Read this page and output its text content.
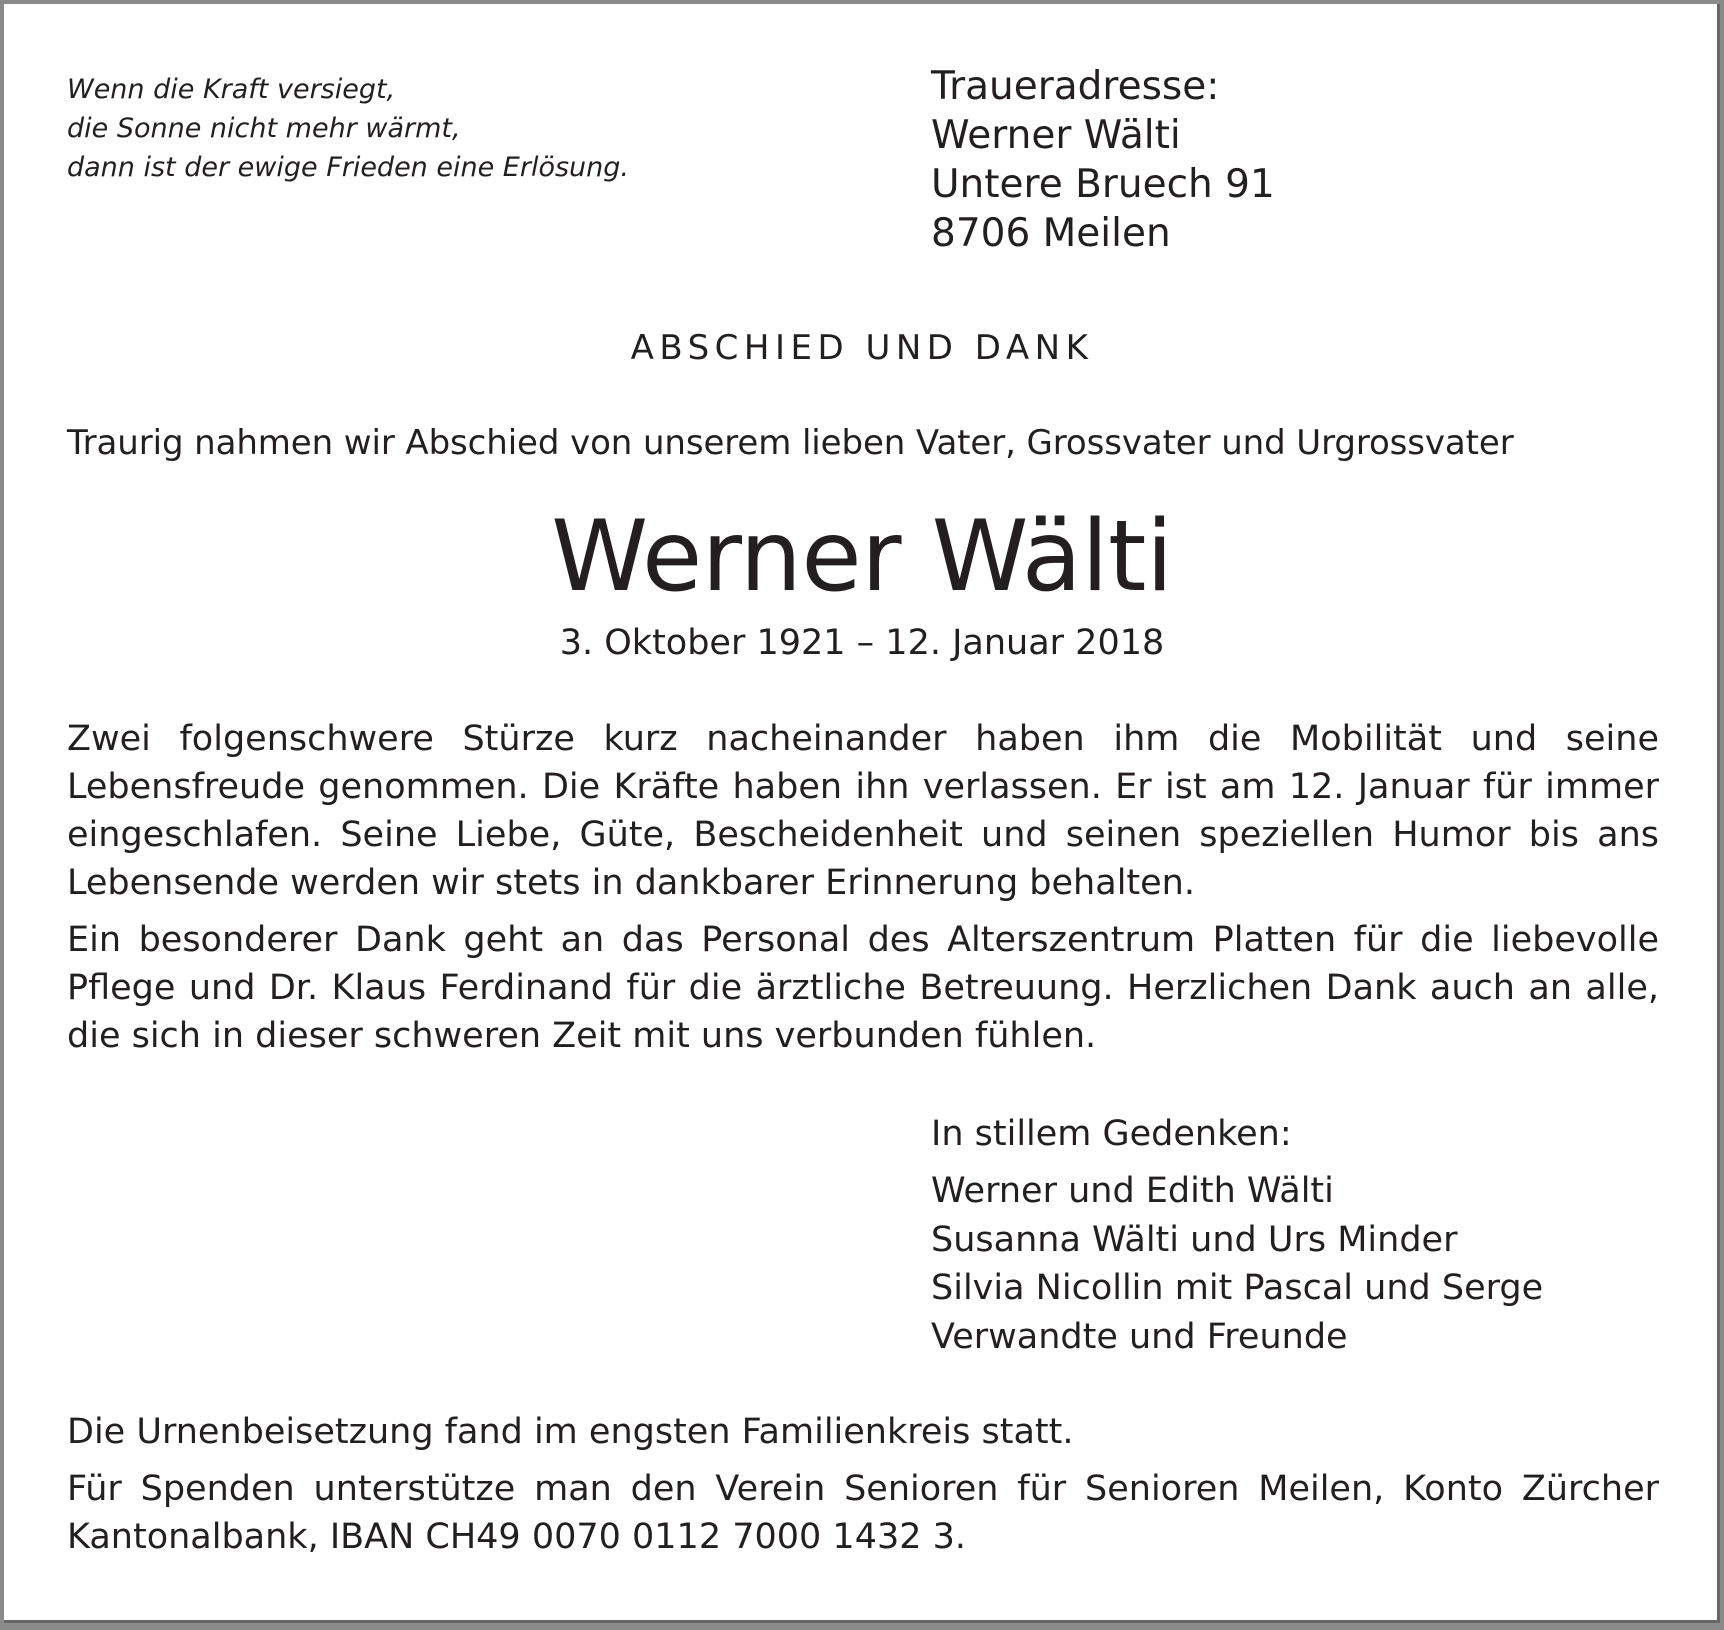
Wenn die Kraft versiegt,
die Sonne nicht mehr wärmt,
dann ist der ewige Frieden eine Erlösung.
Traueradresse:
Werner Wälti
Untere Bruech 91
8706 Meilen
ABSCHIED UND DANK
Traurig nahmen wir Abschied von unserem lieben Vater, Grossvater und Urgrossvater
Werner Wälti
3. Oktober 1921 – 12. Januar 2018

Zwei folgenschwere Stürze kurz nacheinander haben ihm die Mobilität und seine Lebensfreude genommen. Die Kräfte haben ihn verlassen. Er ist am 12. Januar für immer eingeschlafen. Seine Liebe, Güte, Bescheidenheit und seinen speziellen Humor bis ans Lebensende werden wir stets in dankbarer Erinnerung behalten.

Ein besonderer Dank geht an das Personal des Alterszentrum Platten für die liebevolle Pflege und Dr. Klaus Ferdinand für die ärztliche Betreuung. Herzlichen Dank auch an alle, die sich in dieser schweren Zeit mit uns verbunden fühlen.

In stillem Gedenken:
Werner und Edith Wälti
Susanna Wälti und Urs Minder
Silvia Nicollin mit Pascal und Serge
Verwandte und Freunde

Die Urnenbeisetzung fand im engsten Familienkreis statt.

Für Spenden unterstütze man den Verein Senioren für Senioren Meilen, Konto Zürcher Kantonalbank, IBAN CH49 0070 0112 7000 1432 3.
